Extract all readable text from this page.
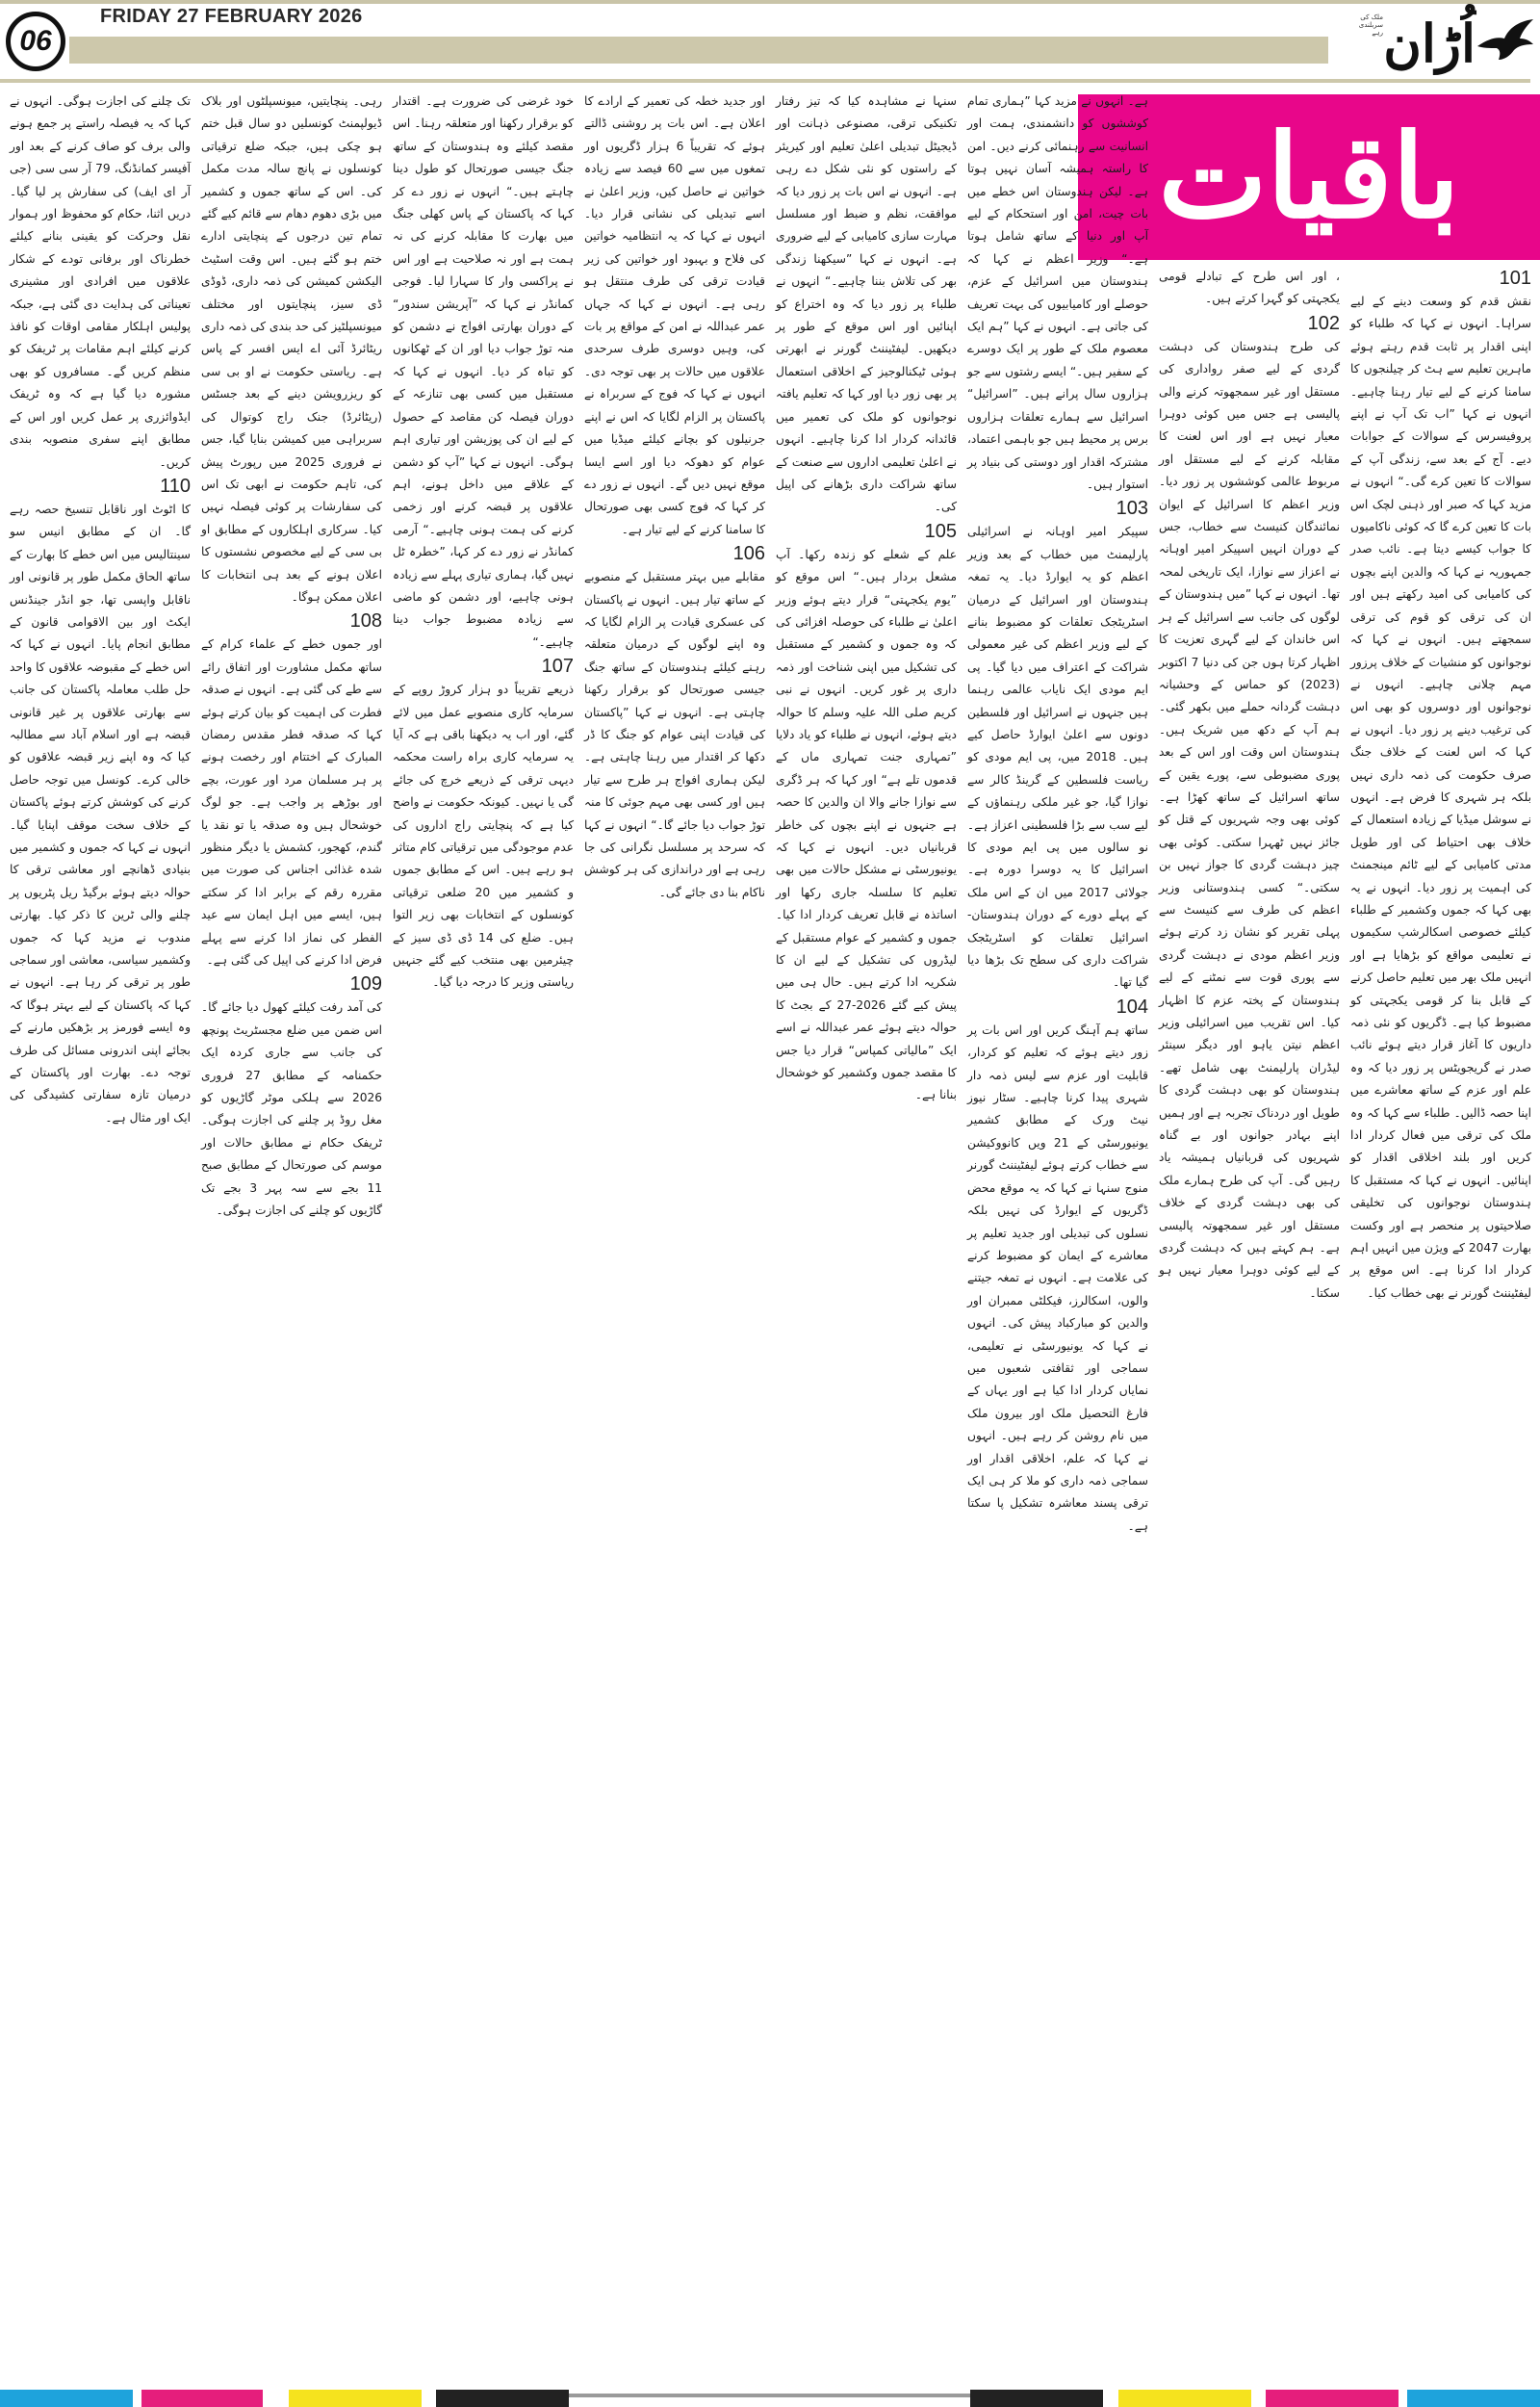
06
FRIDAY 27 FEBRUARY 2026	اُڑان
ملک کی سربلندی رہے
باقیات
101

نقش قدم کو وسعت دینے کے لیے سراہا۔ انہوں نے کہا کہ طلباء کو اپنی اقدار پر ثابت قدم رہتے ہوئے ماہرین تعلیم سے ہٹ کر چیلنجوں کا سامنا کرنے کے لیے تیار رہنا چاہیے۔ انہوں نے کہا ”اب تک آپ نے اپنے پروفیسرس کے سوالات کے جوابات دیے۔ آج کے بعد سے، زندگی آپ کے سوالات کا تعین کرے گی۔“ انہوں نے مزید کہا کہ صبر اور ذہنی لچک اس بات کا تعین کرے گا کہ کوئی ناکامیوں کا جواب کیسے دیتا ہے۔ نائب صدر جمہوریہ نے کہا کہ والدین اپنے بچوں کی کامیابی کی امید رکھتے ہیں اور ان کی ترقی کو قوم کی ترقی سمجھتے ہیں۔ انہوں نے کہا کہ نوجوانوں کو منشیات کے خلاف پرزور مہم چلانی چاہیے۔ انہوں نے نوجوانوں اور دوسروں کو بھی اس کی ترغیب دینے پر زور دیا۔ انہوں نے کہا کہ اس لعنت کے خلاف جنگ صرف حکومت کی ذمہ داری نہیں بلکہ ہر شہری کا فرض ہے۔ انہوں نے سوشل میڈیا کے زیادہ استعمال کے خلاف بھی احتیاط کی اور طویل مدتی کامیابی کے لیے ٹائم مینجمنٹ کی اہمیت پر زور دیا۔ انہوں نے یہ بھی کہا کہ جموں وکشمیر کے طلباء کیلئے خصوصی اسکالرشپ سکیموں نے تعلیمی مواقع کو بڑھایا ہے اور انہیں ملک بھر میں تعلیم حاصل کرنے کے قابل بنا کر قومی یکجہتی کو مضبوط کیا ہے۔ ڈگریوں کو نئی ذمہ داریوں کا آغاز قرار دیتے ہوئے نائب صدر نے گریجویٹس پر زور دیا کہ وہ علم اور عزم کے ساتھ معاشرے میں اپنا حصہ ڈالیں۔ طلباء سے کہا کہ وہ ملک کی ترقی میں فعال کردار ادا کریں اور بلند اخلاقی اقدار کو اپنائیں۔ انہوں نے کہا کہ مستقبل کا ہندوستان نوجوانوں کی تخلیقی صلاحیتوں پر منحصر ہے اور وکست بھارت 2047 کے ویژن میں انہیں اہم کردار ادا کرنا ہے۔ اس موقع پر لیفٹیننٹ گورنر نے بھی خطاب کیا۔

، اور اس طرح کے تبادلے قومی یکجہتی کو گہرا کرتے ہیں۔

102

کی طرح ہندوستان کی دہشت گردی کے لیے صفر رواداری کی مستقل اور غیر سمجھوتہ کرنے والی پالیسی ہے جس میں کوئی دوہرا معیار نہیں ہے اور اس لعنت کا مقابلہ کرنے کے لیے مستقل اور مربوط عالمی کوششوں پر زور دیا۔ وزیر اعظم کا اسرائیل کے ایوان نمائندگان کنیسٹ سے خطاب، جس کے دوران انہیں اسپیکر امیر اوہانہ نے اعزاز سے نوازا، ایک تاریخی لمحہ تھا۔ انہوں نے کہا ”میں ہندوستان کے لوگوں کی جانب سے اسرائیل کے ہر اس خاندان کے لیے گہری تعزیت کا اظہار کرتا ہوں جن کی دنیا 7 اکتوبر (2023) کو حماس کے وحشیانہ دہشت گردانہ حملے میں بکھر گئی۔ ہم آپ کے دکھ میں شریک ہیں۔ ہندوستان اس وقت اور اس کے بعد پوری مضبوطی سے، پورے یقین کے ساتھ اسرائیل کے ساتھ کھڑا ہے۔ کوئی بھی وجہ شہریوں کے قتل کو جائز نہیں ٹھہرا سکتی۔ کوئی بھی چیز دہشت گردی کا جواز نہیں بن سکتی۔“ کسی ہندوستانی وزیر اعظم کی طرف سے کنیسٹ سے پہلی تقریر کو نشان زد کرتے ہوئے وزیر اعظم مودی نے دہشت گردی سے پوری قوت سے نمٹنے کے لیے ہندوستان کے پختہ عزم کا اظہار کیا۔ اس تقریب میں اسرائیلی وزیر اعظم نیتن یاہو اور دیگر سینئر لیڈران پارلیمنٹ بھی شامل تھے۔ ہندوستان کو بھی دہشت گردی کا طویل اور دردناک تجربہ ہے اور ہمیں اپنے بہادر جوانوں اور بے گناہ شہریوں کی قربانیاں ہمیشہ یاد رہیں گی۔ آپ کی طرح ہمارے ملک کی بھی دہشت گردی کے خلاف مستقل اور غیر سمجھوتہ پالیسی ہے۔ ہم کہتے ہیں کہ دہشت گردی کے لیے کوئی دوہرا معیار نہیں ہو سکتا۔

ہے۔ انہوں نے مزید کہا ”ہماری تمام کوششوں کو دانشمندی، ہمت اور انسانیت سے رہنمائی کرنے دیں۔ امن کا راستہ ہمیشہ آسان نہیں ہوتا ہے۔ لیکن ہندوستان اس خطے میں بات چیت، امن اور استحکام کے لیے آپ اور دنیا کے ساتھ شامل ہوتا ہے۔“ وزیر اعظم نے کہا کہ ہندوستان میں اسرائیل کے عزم، حوصلے اور کامیابیوں کی بہت تعریف کی جاتی ہے۔ انہوں نے کہا ”ہم ایک معصوم ملک کے طور پر ایک دوسرے کے سفیر ہیں۔“ ایسے رشتوں سے جو ہزاروں سال پرانے ہیں۔ ”اسرائیل“ اسرائیل سے ہمارے تعلقات ہزاروں برس پر محیط ہیں جو باہمی اعتماد، مشترکہ اقدار اور دوستی کی بنیاد پر استوار ہیں۔

103

سپیکر امیر اوہانہ نے اسرائیلی پارلیمنٹ میں خطاب کے بعد وزیر اعظم کو یہ ایوارڈ دیا۔ یہ تمغہ ہندوستان اور اسرائیل کے درمیان اسٹریٹجک تعلقات کو مضبوط بنانے کے لیے وزیر اعظم کی غیر معمولی شراکت کے اعتراف میں دیا گیا۔ پی ایم مودی ایک نایاب عالمی رہنما ہیں جنہوں نے اسرائیل اور فلسطین دونوں سے اعلیٰ ایوارڈ حاصل کیے ہیں۔ 2018 میں، پی ایم مودی کو ریاست فلسطین کے گرینڈ کالر سے نوازا گیا، جو غیر ملکی رہنماؤں کے لیے سب سے بڑا فلسطینی اعزاز ہے۔ نو سالوں میں پی ایم مودی کا اسرائیل کا یہ دوسرا دورہ ہے۔ جولائی 2017 میں ان کے اس ملک کے پہلے دورے کے دوران ہندوستان-اسرائیل تعلقات کو اسٹریٹجک شراکت داری کی سطح تک بڑھا دیا گیا تھا۔

104

ساتھ ہم آہنگ کریں اور اس بات پر زور دیتے ہوئے کہ تعلیم کو کردار، قابلیت اور عزم سے لیس ذمہ دار شہری پیدا کرنا چاہیے۔ سٹار نیوز نیٹ ورک کے مطابق کشمیر یونیورسٹی کے 21 ویں کانووکیشن سے خطاب کرتے ہوئے لیفٹیننٹ گورنر منوج سنہا نے کہا کہ یہ موقع محض ڈگریوں کے ایوارڈ کی نہیں بلکہ نسلوں کی تبدیلی اور جدید تعلیم پر معاشرے کے ایمان کو مضبوط کرنے کی علامت ہے۔ انہوں نے تمغہ جیتنے والوں، اسکالرز، فیکلٹی ممبران اور والدین کو مبارکباد پیش کی۔ انہوں نے کہا کہ یونیورسٹی نے تعلیمی، سماجی اور ثقافتی شعبوں میں نمایاں کردار ادا کیا ہے اور یہاں کے فارغ التحصیل ملک اور بیرون ملک میں نام روشن کر رہے ہیں۔ انہوں نے کہا کہ علم، اخلاقی اقدار اور سماجی ذمہ داری کو ملا کر ہی ایک ترقی پسند معاشرہ تشکیل پا سکتا ہے۔

سنہا نے مشاہدہ کیا کہ تیز رفتار تکنیکی ترقی، مصنوعی ذہانت اور ڈیجیٹل تبدیلی اعلیٰ تعلیم اور کیریئر کے راستوں کو نئی شکل دے رہی ہے۔ انہوں نے اس بات پر زور دیا کہ موافقت، نظم و ضبط اور مسلسل مہارت سازی کامیابی کے لیے ضروری ہے۔ انہوں نے کہا ”سیکھنا زندگی بھر کی تلاش بننا چاہیے۔“ انہوں نے طلباء پر زور دیا کہ وہ اختراع کو اپنائیں اور اس موقع کے طور پر دیکھیں۔ لیفٹیننٹ گورنر نے ابھرتی ہوئی ٹیکنالوجیز کے اخلاقی استعمال پر بھی زور دیا اور کہا کہ تعلیم یافتہ نوجوانوں کو ملک کی تعمیر میں قائدانہ کردار ادا کرنا چاہیے۔ انہوں نے اعلیٰ تعلیمی اداروں سے صنعت کے ساتھ شراکت داری بڑھانے کی اپیل کی۔

105

علم کے شعلے کو زندہ رکھا۔ آپ مشعل بردار ہیں۔“ اس موقع کو ”یوم یکجہتی“ قرار دیتے ہوئے وزیر اعلیٰ نے طلباء کی حوصلہ افزائی کی کہ وہ جموں و کشمیر کے مستقبل کی تشکیل میں اپنی شناخت اور ذمہ داری پر غور کریں۔ انہوں نے نبی کریم صلی اللہ علیہ وسلم کا حوالہ دیتے ہوئے، انہوں نے طلباء کو یاد دلایا ”تمہاری جنت تمہاری ماں کے قدموں تلے ہے“ اور کہا کہ ہر ڈگری سے نوازا جانے والا ان والدین کا حصہ ہے جنہوں نے اپنے بچوں کی خاطر قربانیاں دیں۔ انہوں نے کہا کہ یونیورسٹی نے مشکل حالات میں بھی تعلیم کا سلسلہ جاری رکھا اور اساتذہ نے قابل تعریف کردار ادا کیا۔ جموں و کشمیر کے عوام مستقبل کے لیڈروں کی تشکیل کے لیے ان کا شکریہ ادا کرتے ہیں۔ حال ہی میں پیش کیے گئے 2026-27 کے بجٹ کا حوالہ دیتے ہوئے عمر عبداللہ نے اسے ایک ”مالیاتی کمپاس“ قرار دیا جس کا مقصد جموں وکشمیر کو خوشحال بنانا ہے۔

اور جدید خطہ کی تعمیر کے ارادے کا اعلان ہے۔ اس بات پر روشنی ڈالتے ہوئے کہ تقریباً 6 ہزار ڈگریوں اور تمغوں میں سے 60 فیصد سے زیادہ خواتین نے حاصل کیں، وزیر اعلیٰ نے اسے تبدیلی کی نشانی قرار دیا۔ انہوں نے کہا کہ یہ انتظامیہ خواتین کی فلاح و بہبود اور خواتین کی زیر قیادت ترقی کی طرف منتقل ہو رہی ہے۔ انہوں نے کہا کہ جہاں عمر عبداللہ نے امن کے مواقع پر بات کی، وہیں دوسری طرف سرحدی علاقوں میں حالات پر بھی توجہ دی۔ انہوں نے کہا کہ فوج کے سربراہ نے پاکستان پر الزام لگایا کہ اس نے اپنے جرنیلوں کو بچانے کیلئے میڈیا میں عوام کو دھوکہ دیا اور اسے ایسا موقع نہیں دیں گے۔ انہوں نے زور دے کر کہا کہ فوج کسی بھی صورتحال کا سامنا کرنے کے لیے تیار ہے۔

106

مقابلے میں بہتر مستقبل کے منصوبے کے ساتھ تیار ہیں۔ انہوں نے پاکستان کی عسکری قیادت پر الزام لگایا کہ وہ اپنے لوگوں کے درمیان متعلقہ رہنے کیلئے ہندوستان کے ساتھ جنگ جیسی صورتحال کو برقرار رکھنا چاہتی ہے۔ انہوں نے کہا ”پاکستان کی قیادت اپنی عوام کو جنگ کا ڈر دکھا کر اقتدار میں رہنا چاہتی ہے۔ لیکن ہماری افواج ہر طرح سے تیار ہیں اور کسی بھی مہم جوئی کا منہ توڑ جواب دیا جائے گا۔“ انہوں نے کہا کہ سرحد پر مسلسل نگرانی کی جا رہی ہے اور دراندازی کی ہر کوشش ناکام بنا دی جائے گی۔

خود غرضی کی ضرورت ہے۔ اقتدار کو برقرار رکھنا اور متعلقہ رہنا۔ اس مقصد کیلئے وہ ہندوستان کے ساتھ جنگ جیسی صورتحال کو طول دینا چاہتے ہیں۔“ انہوں نے زور دے کر کہا کہ پاکستان کے پاس کھلی جنگ میں بھارت کا مقابلہ کرنے کی نہ ہمت ہے اور نہ صلاحیت ہے اور اس نے پراکسی وار کا سہارا لیا۔ فوجی کمانڈر نے کہا کہ ”آپریشن سندور“ کے دوران بھارتی افواج نے دشمن کو منہ توڑ جواب دیا اور ان کے ٹھکانوں کو تباہ کر دیا۔ انہوں نے کہا کہ مستقبل میں کسی بھی تنازعہ کے دوران فیصلہ کن مقاصد کے حصول کے لیے ان کی پوزیشن اور تیاری اہم ہوگی۔ انہوں نے کہا ”آپ کو دشمن کے علاقے میں داخل ہونے، اہم علاقوں پر قبضہ کرنے اور زخمی کرنے کی ہمت ہونی چاہیے۔“ آرمی کمانڈر نے زور دے کر کہا، ”خطرہ ٹل نہیں گیا، ہماری تیاری پہلے سے زیادہ ہونی چاہیے، اور دشمن کو ماضی سے زیادہ مضبوط جواب دینا چاہیے۔“

107

ذریعے تقریباً دو ہزار کروڑ روپے کے سرمایہ کاری منصوبے عمل میں لائے گئے، اور اب یہ دیکھنا باقی ہے کہ آیا یہ سرمایہ کاری براہ راست محکمہ دیہی ترقی کے ذریعے خرچ کی جائے گی یا نہیں۔ کیونکہ حکومت نے واضح کیا ہے کہ پنچایتی راج اداروں کی عدم موجودگی میں ترقیاتی کام متاثر ہو رہے ہیں۔ اس کے مطابق جموں و کشمیر میں 20 ضلعی ترقیاتی کونسلوں کے انتخابات بھی زیر التوا ہیں۔ ضلع کی 14 ڈی ڈی سیز کے چیئرمین بھی منتخب کیے گئے جنہیں ریاستی وزیر کا درجہ دیا گیا۔

رہی۔ پنچایتیں، میونسپلٹوں اور بلاک ڈیولپمنٹ کونسلیں دو سال قبل ختم ہو چکی ہیں، جبکہ ضلع ترقیاتی کونسلوں نے پانچ سالہ مدت مکمل کی۔ اس کے ساتھ جموں و کشمیر میں بڑی دھوم دھام سے قائم کیے گئے تمام تین درجوں کے پنچایتی ادارے ختم ہو گئے ہیں۔ اس وقت اسٹیٹ الیکشن کمیشن کی ذمہ داری، ڈوڈی ڈی سیز، پنچایتوں اور مختلف میونسپلٹیز کی حد بندی کی ذمہ داری ریٹائرڈ آئی اے ایس افسر کے پاس ہے۔ ریاستی حکومت نے او بی سی کو ریزرویشن دینے کے بعد جسٹس (ریٹائرڈ) جنک راج کوتوال کی سربراہی میں کمیشن بنایا گیا، جس نے فروری 2025 میں رپورٹ پیش کی، تاہم حکومت نے ابھی تک اس کی سفارشات پر کوئی فیصلہ نہیں کیا۔ سرکاری اہلکاروں کے مطابق او بی سی کے لیے مخصوص نشستوں کا اعلان ہونے کے بعد ہی انتخابات کا اعلان ممکن ہوگا۔

108

اور جموں خطے کے علماء کرام کے ساتھ مکمل مشاورت اور اتفاق رائے سے طے کی گئی ہے۔ انہوں نے صدقہ فطرت کی اہمیت کو بیان کرتے ہوئے کہا کہ صدقہ فطر مقدس رمضان المبارک کے اختتام اور رخصت ہونے پر ہر مسلمان مرد اور عورت، بچے اور بوڑھے پر واجب ہے۔ جو لوگ خوشحال ہیں وہ صدقہ یا تو نقد یا گندم، کھجور، کشمش یا دیگر منظور شدہ غذائی اجناس کی صورت میں مقررہ رقم کے برابر ادا کر سکتے ہیں، ایسے میں اہل ایمان سے عید الفطر کی نماز ادا کرنے سے پہلے فرض ادا کرنے کی اپیل کی گئی ہے۔

109

کی آمد رفت کیلئے کھول دیا جائے گا۔ اس ضمن میں ضلع مجسٹریٹ پونچھ کی جانب سے جاری کردہ ایک حکمنامہ کے مطابق 27 فروری 2026 سے ہلکی موٹر گاڑیوں کو مغل روڈ پر چلنے کی اجازت ہوگی۔ ٹریفک حکام نے مطابق حالات اور موسم کی صورتحال کے مطابق صبح 11 بجے سے سہ پہر 3 بجے تک گاڑیوں کو چلنے کی اجازت ہوگی۔

تک چلنے کی اجازت ہوگی۔ انہوں نے کہا کہ یہ فیصلہ راستے پر جمع ہونے والی برف کو صاف کرنے کے بعد اور آفیسر کمانڈنگ، 79 آر سی سی (جی آر ای ایف) کی سفارش پر لیا گیا۔ دریں اثنا، حکام کو محفوظ اور ہموار نقل وحرکت کو یقینی بنانے کیلئے خطرناک اور برفانی تودے کے شکار علاقوں میں افرادی اور مشینری تعیناتی کی ہدایت دی گئی ہے، جبکہ پولیس اہلکار مقامی اوقات کو نافذ کرنے کیلئے اہم مقامات پر ٹریفک کو منظم کریں گے۔ مسافروں کو بھی مشورہ دیا گیا ہے کہ وہ ٹریفک ایڈوائزری پر عمل کریں اور اس کے مطابق اپنے سفری منصوبہ بندی کریں۔

110

کا اٹوٹ اور ناقابل تنسیخ حصہ رہے گا۔ ان کے مطابق انیس سو سینتالیس میں اس خطے کا بھارت کے ساتھ الحاق مکمل طور پر قانونی اور ناقابل واپسی تھا، جو انڈر جینڈنس ایکٹ اور بین الاقوامی قانون کے مطابق انجام پایا۔ انہوں نے کہا کہ اس خطے کے مقبوضہ علاقوں کا واحد حل طلب معاملہ پاکستان کی جانب سے بھارتی علاقوں پر غیر قانونی قبضہ ہے اور اسلام آباد سے مطالبہ کیا کہ وہ اپنے زیر قبضہ علاقوں کو خالی کرے۔ کونسل میں توجہ حاصل کرنے کی کوشش کرتے ہوئے پاکستان کے خلاف سخت موقف اپنایا گیا۔ انہوں نے کہا کہ جموں و کشمیر میں بنیادی ڈھانچے اور معاشی ترقی کا حوالہ دیتے ہوئے برگیڈ ریل پٹریوں پر چلنے والی ٹرین کا ذکر کیا۔ بھارتی مندوب نے مزید کہا کہ جموں وکشمیر سیاسی، معاشی اور سماجی طور پر ترقی کر رہا ہے۔ انہوں نے کہا کہ پاکستان کے لیے بہتر ہوگا کہ وہ ایسے فورمز پر بڑھکیں مارنے کے بجائے اپنی اندرونی مسائل کی طرف توجہ دے۔ بھارت اور پاکستان کے درمیان تازہ سفارتی کشیدگی کی ایک اور مثال ہے۔
